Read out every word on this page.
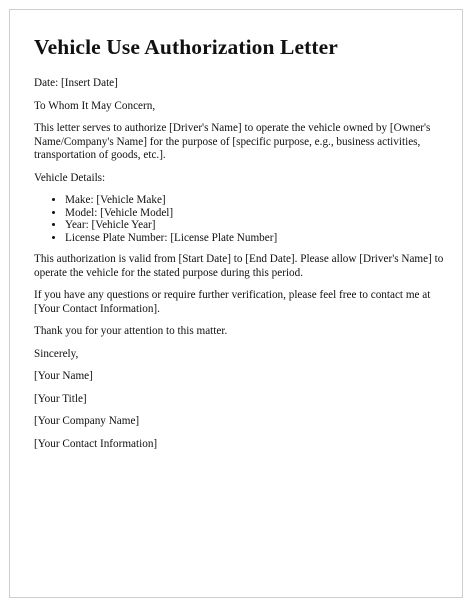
Vehicle Use Authorization Letter

Date: [Insert Date]

To Whom It May Concern,

This letter serves to authorize [Driver's Name] to operate the vehicle owned by [Owner's Name/Company's Name] for the purpose of [specific purpose, e.g., business activities, transportation of goods, etc.].

Vehicle Details:

• Make: [Vehicle Make]
• Model: [Vehicle Model]
• Year: [Vehicle Year]
• License Plate Number: [License Plate Number]

This authorization is valid from [Start Date] to [End Date]. Please allow [Driver's Name] to operate the vehicle for the stated purpose during this period.

If you have any questions or require further verification, please feel free to contact me at [Your Contact Information].

Thank you for your attention to this matter.

Sincerely,

[Your Name]

[Your Title]

[Your Company Name]

[Your Contact Information]
